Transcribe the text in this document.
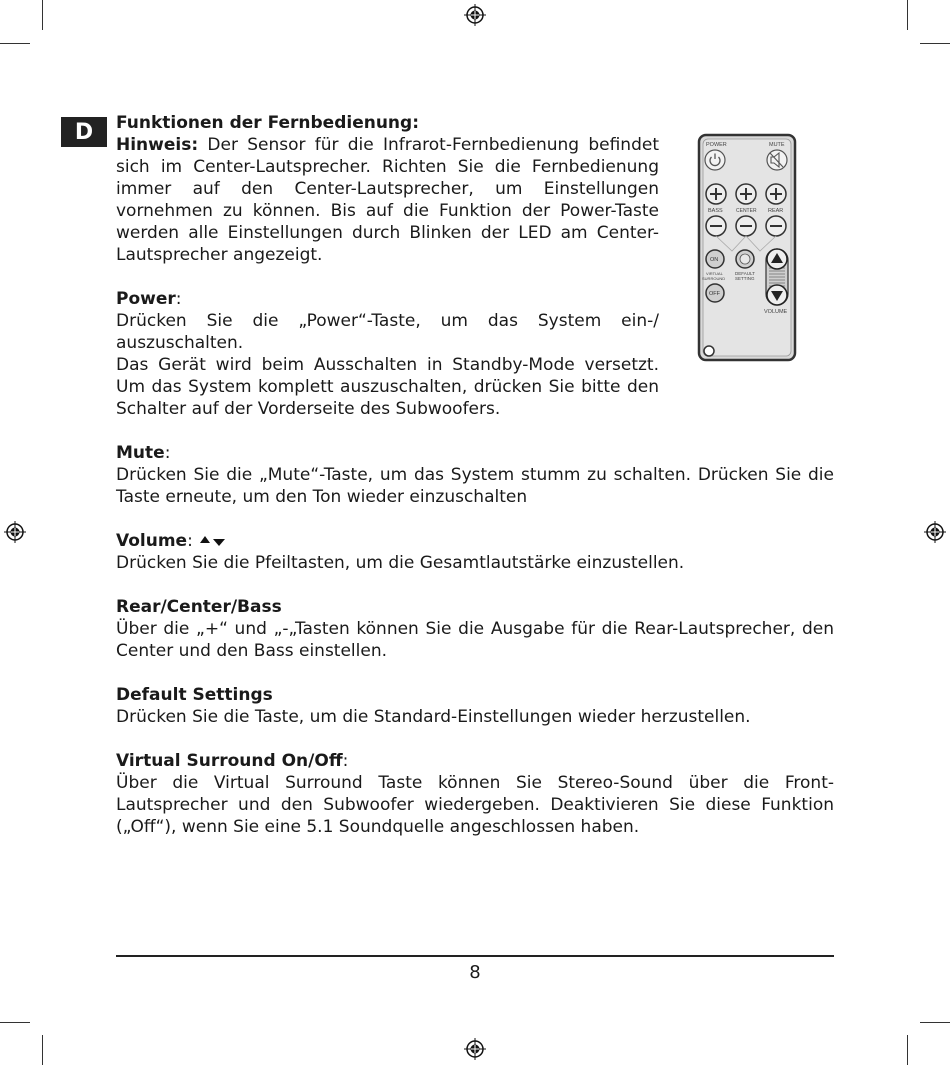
D
POWER	MUTE
BASS	CENTER REAR
ON
VIRTUAL
SURROUND
DEFAULT
SETTING
OFF
VOLUME
Funktionen der Fernbedienung:

Hinweis: Der Sensor für die Infrarot-Fernbedienung befindet sich im Center-Lautsprecher. Richten Sie die Fernbedienung immer auf den Center-Lautsprecher, um Einstellungen vornehmen zu können. Bis auf die Funktion der Power-Taste werden alle Einstellungen durch Blinken der LED am Center-Lautsprecher angezeigt.

Power:

Drücken Sie die „Power“-Taste, um das System ein-/ auszuschalten.

Das Gerät wird beim Ausschalten in Standby-Mode versetzt. Um das System komplett auszuschalten, drücken Sie bitte den Schalter auf der Vorderseite des Subwoofers.

Mute:

Drücken Sie die „Mute“-Taste, um das System stumm zu schalten. Drücken Sie die Taste erneute, um den Ton wieder einzuschalten

Volume:

Drücken Sie die Pfeiltasten, um die Gesamtlautstärke einzustellen.

Rear/Center/Bass

Über die „+“ und „-„Tasten können Sie die Ausgabe für die Rear-Lautsprecher, den Center und den Bass einstellen.

Default Settings

Drücken Sie die Taste, um die Standard-Einstellungen wieder herzustellen.

Virtual Surround On/Off:

Über die Virtual Surround Taste können Sie Stereo-Sound über die Front-Lautsprecher und den Subwoofer wiedergeben. Deaktivieren Sie diese Funktion („Off“), wenn Sie eine 5.1 Soundquelle angeschlossen haben.

8
